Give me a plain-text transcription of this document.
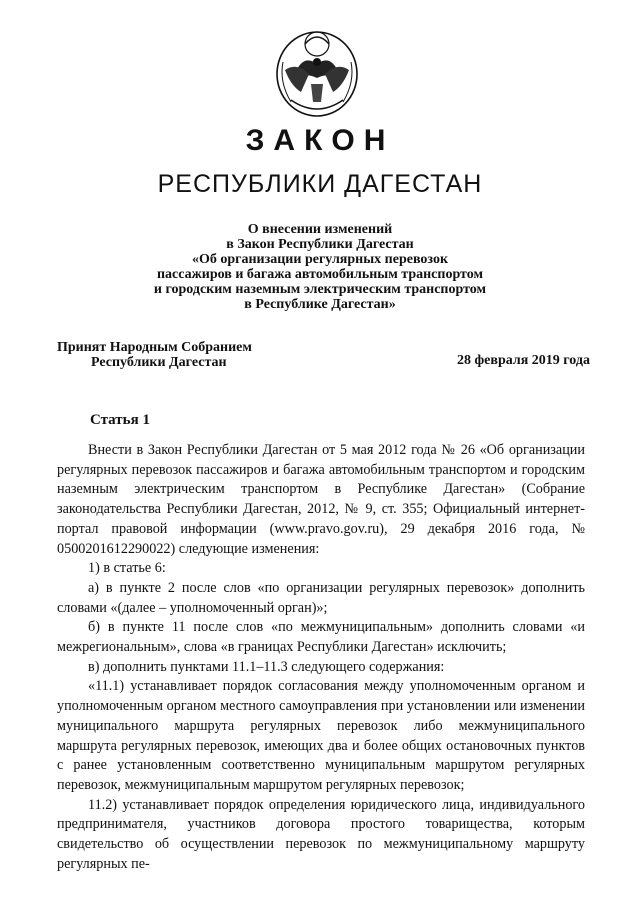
ЗАКОН
РЕСПУБЛИКИ ДАГЕСТАН
О внесении изменений
в Закон Республики Дагестан
«Об организации регулярных перевозок
пассажиров и багажа автомобильным транспортом
и городским наземным электрическим транспортом
в Республике Дагестан»
Принят Народным Собранием
Республики Дагестан	28 февраля 2019 года
Статья 1

Внести в Закон Республики Дагестан от 5 мая 2012 года № 26 «Об организации регулярных перевозок пассажиров и багажа автомобильным транспортом и городским наземным электрическим транспортом в Республике Дагестан» (Собрание законодательства Республики Дагестан, 2012, № 9, ст. 355; Официальный интернет-портал правовой информации (www.pravo.gov.ru), 29 декабря 2016 года, № 0500201612290022) следующие изменения:

1) в статье 6:

а) в пункте 2 после слов «по организации регулярных перевозок» дополнить словами «(далее – уполномоченный орган)»;

б) в пункте 11 после слов «по межмуниципальным» дополнить словами «и межрегиональным», слова «в границах Республики Дагестан» исключить;

в) дополнить пунктами 11.1–11.3 следующего содержания:

«11.1) устанавливает порядок согласования между уполномоченным органом и уполномоченным органом местного самоуправления при установлении или изменении муниципального маршрута регулярных перевозок либо межмуниципального маршрута регулярных перевозок, имеющих два и более общих остановочных пунктов с ранее установленным соответственно муниципальным маршрутом регулярных перевозок, межмуниципальным маршрутом регулярных перевозок;

11.2) устанавливает порядок определения юридического лица, индивидуального предпринимателя, участников договора простого товарищества, которым свидетельство об осуществлении перевозок по межмуниципальному маршруту регулярных пе-
